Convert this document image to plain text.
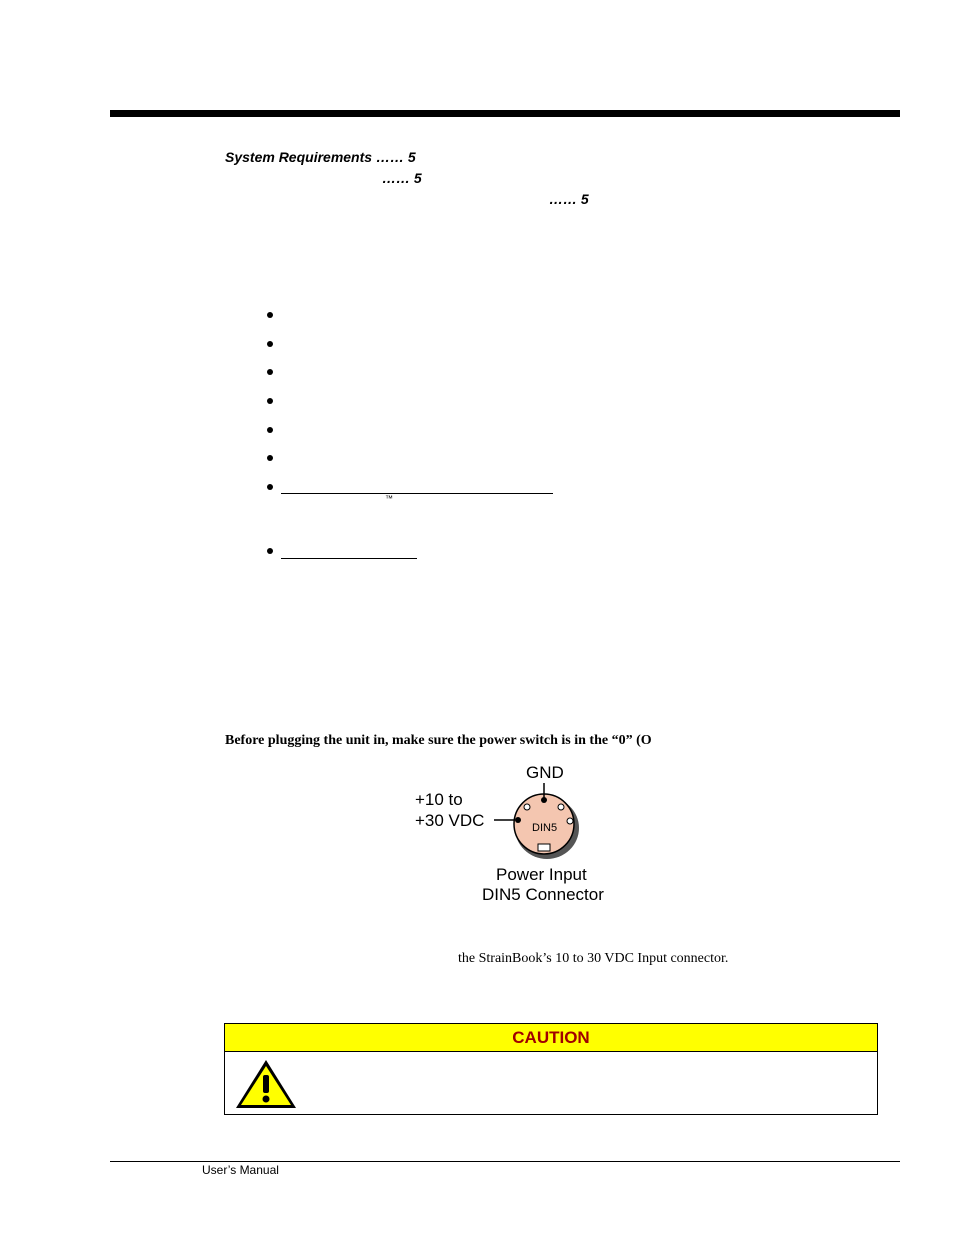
System Requirements …… 5
…… 5
…… 5
™
Before plugging the unit in, make sure the power switch is in the “0” (O
GND
+10 to
+30 VDC	DIN5
Power Input
DIN5 Connector
the StrainBook’s 10 to 30 VDC Input connector.
CAUTION
User’s Manual
